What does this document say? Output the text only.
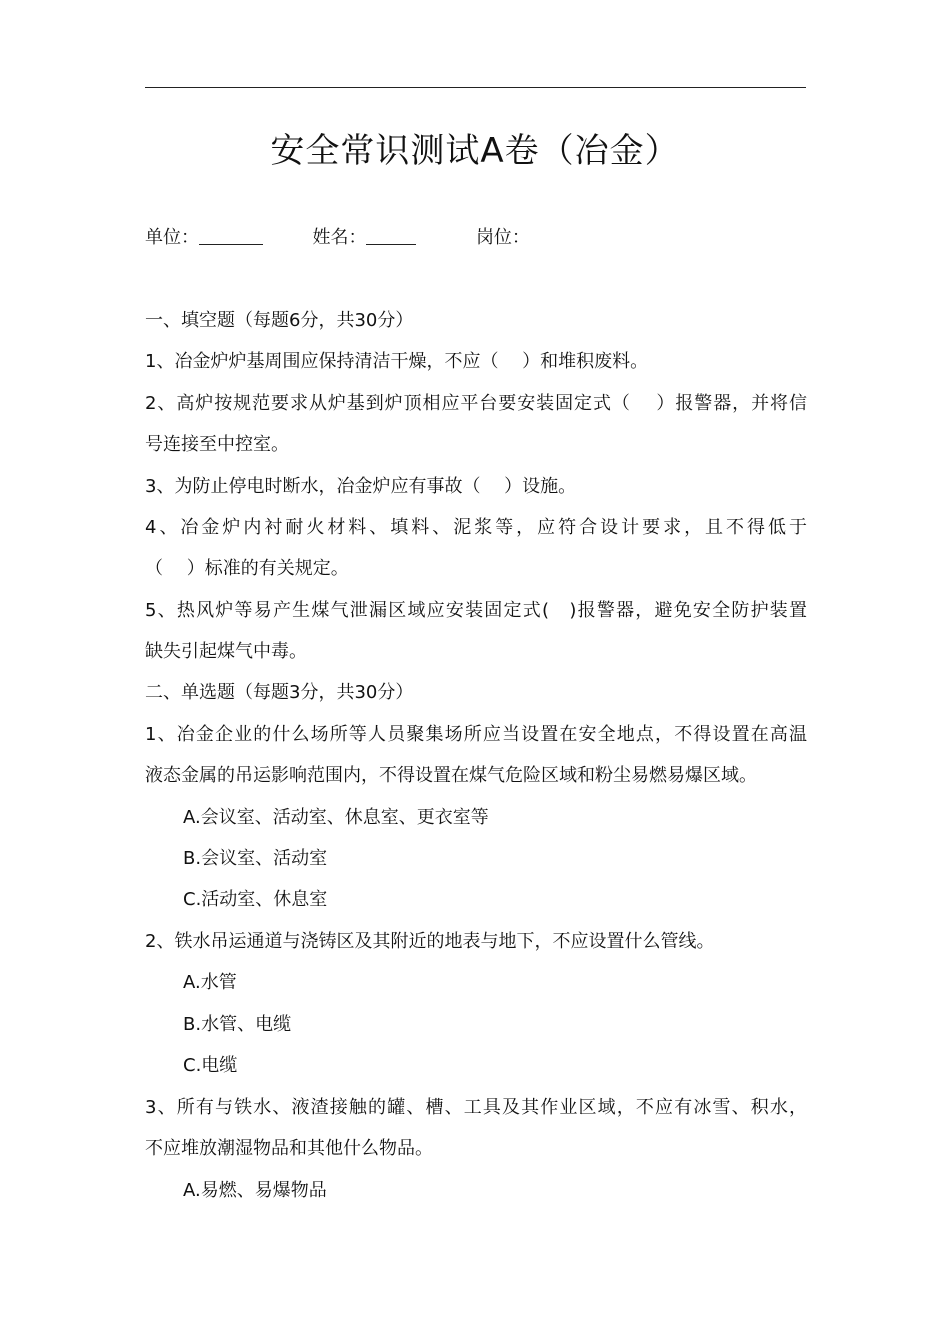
安全常识测试A卷（冶金）
单位：	姓名：	岗位：
一、填空题（每题6分，共30分）
1、冶金炉炉基周围应保持清洁干燥，不应（　 ）和堆积废料。
2、高炉按规范要求从炉基到炉顶相应平台要安装固定式（　 ）报警器，并将信
号连接至中控室。
3、为防止停电时断水，冶金炉应有事故（　 ）设施。
4、冶金炉内衬耐火材料、填料、泥浆等，应符合设计要求，且不得低于
（　 ）标准的有关规定。
5、热风炉等易产生煤气泄漏区域应安装固定式(　)报警器，避免安全防护装置
缺失引起煤气中毒。
二、单选题（每题3分，共30分）
1、冶金企业的什么场所等人员聚集场所应当设置在安全地点，不得设置在高温
液态金属的吊运影响范围内，不得设置在煤气危险区域和粉尘易燃易爆区域。
A.会议室、活动室、休息室、更衣室等
B.会议室、活动室
C.活动室、休息室
2、铁水吊运通道与浇铸区及其附近的地表与地下，不应设置什么管线。
A.水管
B.水管、电缆
C.电缆
3、所有与铁水、液渣接触的罐、槽、工具及其作业区域，不应有冰雪、积水，
不应堆放潮湿物品和其他什么物品。
A.易燃、易爆物品
